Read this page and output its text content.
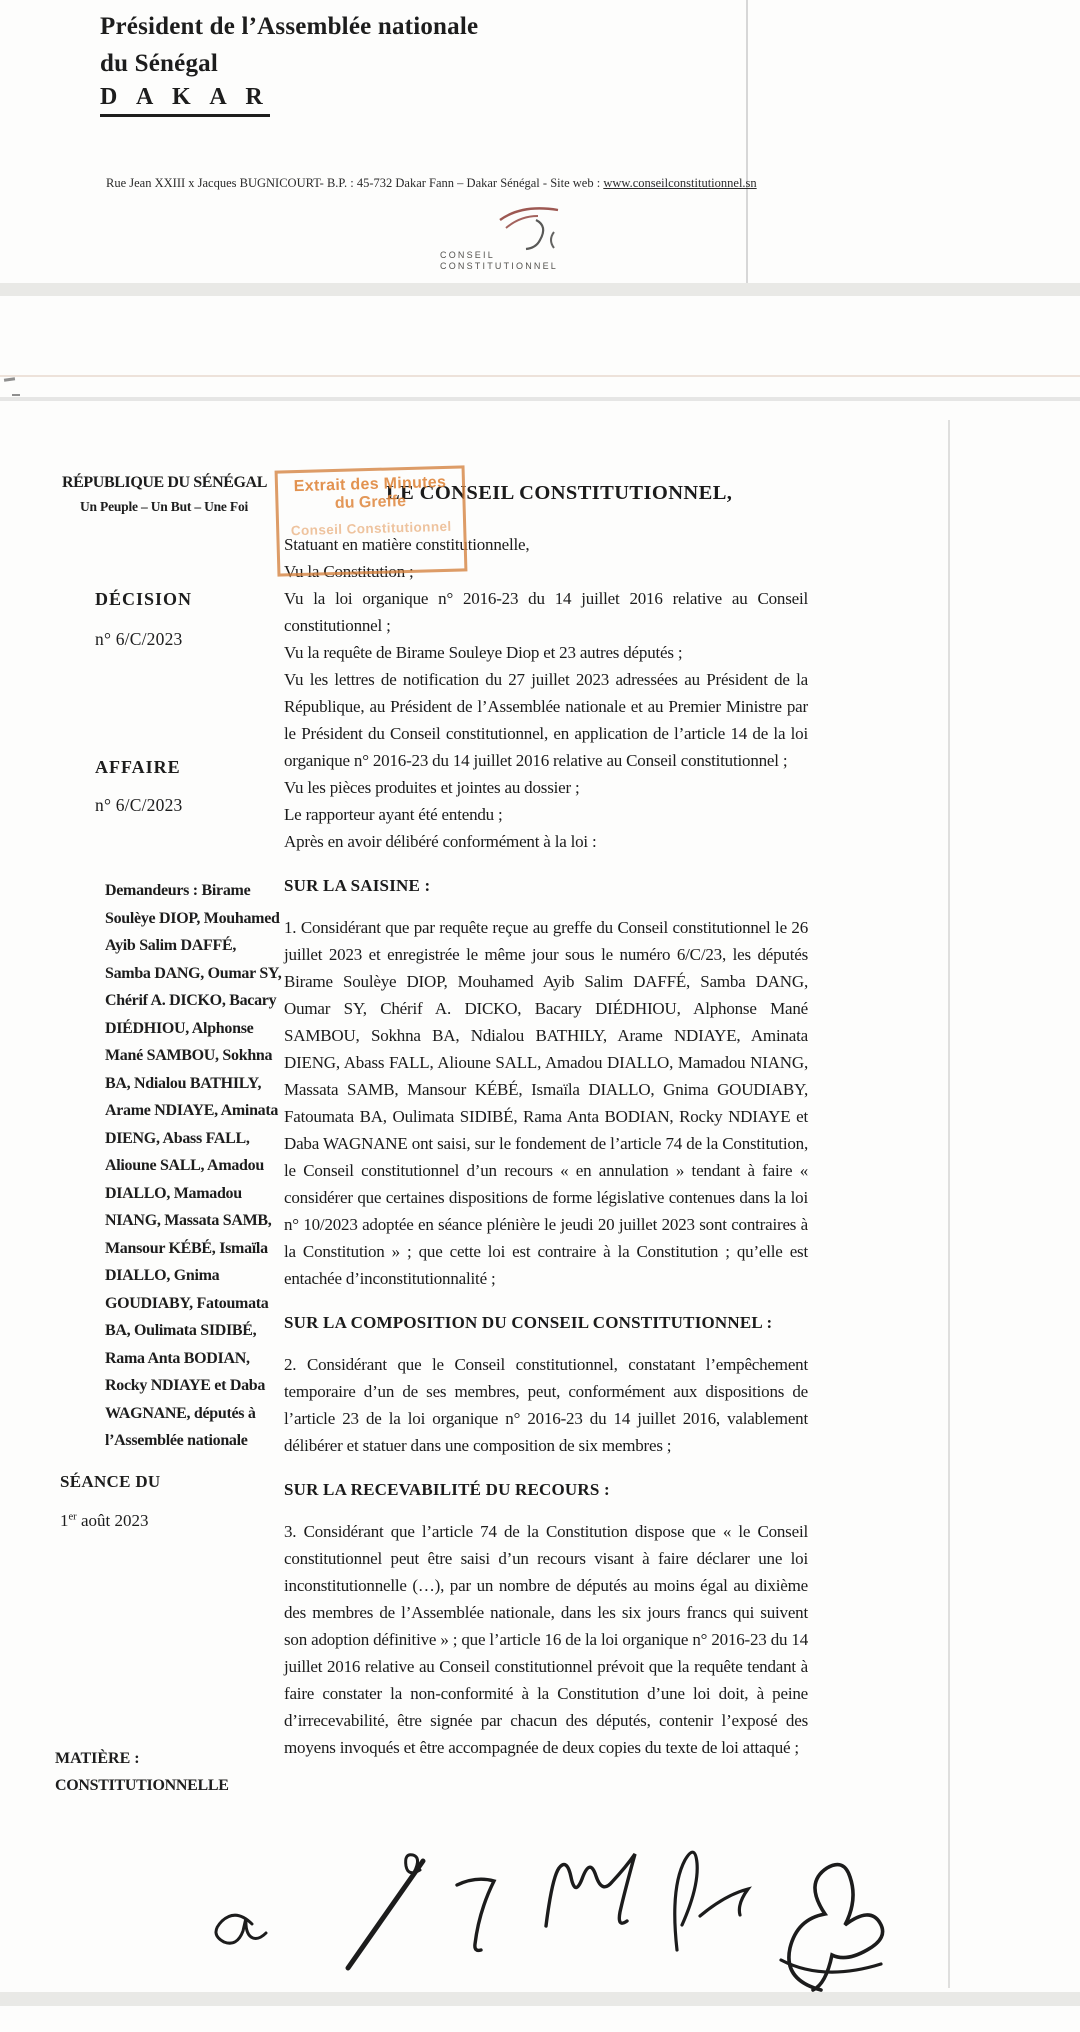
Président de l’Assemblée nationale
du Sénégal
D A K A R
Rue Jean XXIII x Jacques BUGNICOURT- B.P. : 45-732 Dakar Fann – Dakar Sénégal - Site web : www.conseilconstitutionnel.sn
CONSEIL
CONSTITUTIONNEL
Extrait des Minutes
du Greffe
Conseil Constitutionnel
RÉPUBLIQUE DU SÉNÉGAL
Un Peuple – Un But – Une Foi
DÉCISION
n° 6/C/2023
AFFAIRE
n° 6/C/2023
Demandeurs : Birame Soulèye DIOP, Mouhamed Ayib Salim DAFFÉ, Samba DANG, Oumar SY, Chérif A. DICKO, Bacary DIÉDHIOU, Alphonse Mané SAMBOU, Sokhna BA, Ndialou BATHILY, Arame NDIAYE, Aminata DIENG, Abass FALL, Alioune SALL, Amadou DIALLO, Mamadou NIANG, Massata SAMB, Mansour KÉBÉ, Ismaïla DIALLO, Gnima GOUDIABY, Fatoumata BA, Oulimata SIDIBÉ, Rama Anta BODIAN, Rocky NDIAYE et Daba WAGNANE, députés à l’Assemblée nationale
SÉANCE DU
1er août 2023
MATIÈRE :
CONSTITUTIONNELLE
LE CONSEIL CONSTITUTIONNEL,
Statuant en matière constitutionnelle,
Vu la Constitution ;
Vu la loi organique n° 2016-23 du 14 juillet 2016 relative au Conseil constitutionnel ;
Vu la requête de Birame Souleye Diop et 23 autres députés ;
Vu les lettres de notification du 27 juillet 2023 adressées au Président de la République, au Président de l’Assemblée nationale et au Premier Ministre par le Président du Conseil constitutionnel, en application de l’article 14 de la loi organique n° 2016-23 du 14 juillet 2016 relative au Conseil constitutionnel ;
Vu les pièces produites et jointes au dossier ;
Le rapporteur ayant été entendu ;
Après en avoir délibéré conformément à la loi :
SUR LA SAISINE :

1. Considérant que par requête reçue au greffe du Conseil constitutionnel le 26 juillet 2023 et enregistrée le même jour sous le numéro 6/C/23, les députés Birame Soulèye DIOP, Mouhamed Ayib Salim DAFFÉ, Samba DANG, Oumar SY, Chérif A. DICKO, Bacary DIÉDHIOU, Alphonse Mané SAMBOU, Sokhna BA, Ndialou BATHILY, Arame NDIAYE, Aminata DIENG, Abass FALL, Alioune SALL, Amadou DIALLO, Mamadou NIANG, Massata SAMB, Mansour KÉBÉ, Ismaïla DIALLO, Gnima GOUDIABY, Fatoumata BA, Oulimata SIDIBÉ, Rama Anta BODIAN, Rocky NDIAYE et Daba WAGNANE ont saisi, sur le fondement de l’article 74 de la Constitution, le Conseil constitutionnel d’un recours « en annulation » tendant à faire « considérer que certaines dispositions de forme législative contenues dans la loi n° 10/2023 adoptée en séance plénière le jeudi 20 juillet 2023 sont contraires à la Constitution » ; que cette loi est contraire à la Constitution ; qu’elle est entachée d’inconstitutionnalité ;

SUR LA COMPOSITION DU CONSEIL CONSTITUTIONNEL :

2. Considérant que le Conseil constitutionnel, constatant l’empêchement temporaire d’un de ses membres, peut, conformément aux dispositions de l’article 23 de la loi organique n° 2016-23 du 14 juillet 2016, valablement délibérer et statuer dans une composition de six membres ;

SUR LA RECEVABILITÉ DU RECOURS :

3. Considérant que l’article 74 de la Constitution dispose que « le Conseil constitutionnel peut être saisi d’un recours visant à faire déclarer une loi inconstitutionnelle (…), par un nombre de députés au moins égal au dixième des membres de l’Assemblée nationale, dans les six jours francs qui suivent son adoption définitive » ; que l’article 16 de la loi organique n° 2016-23 du 14 juillet 2016 relative au Conseil constitutionnel prévoit que la requête tendant à faire constater la non-conformité à la Constitution d’une loi doit, à peine d’irrecevabilité, être signée par chacun des députés, contenir l’exposé des moyens invoqués et être accompagnée de deux copies du texte de loi attaqué ;
